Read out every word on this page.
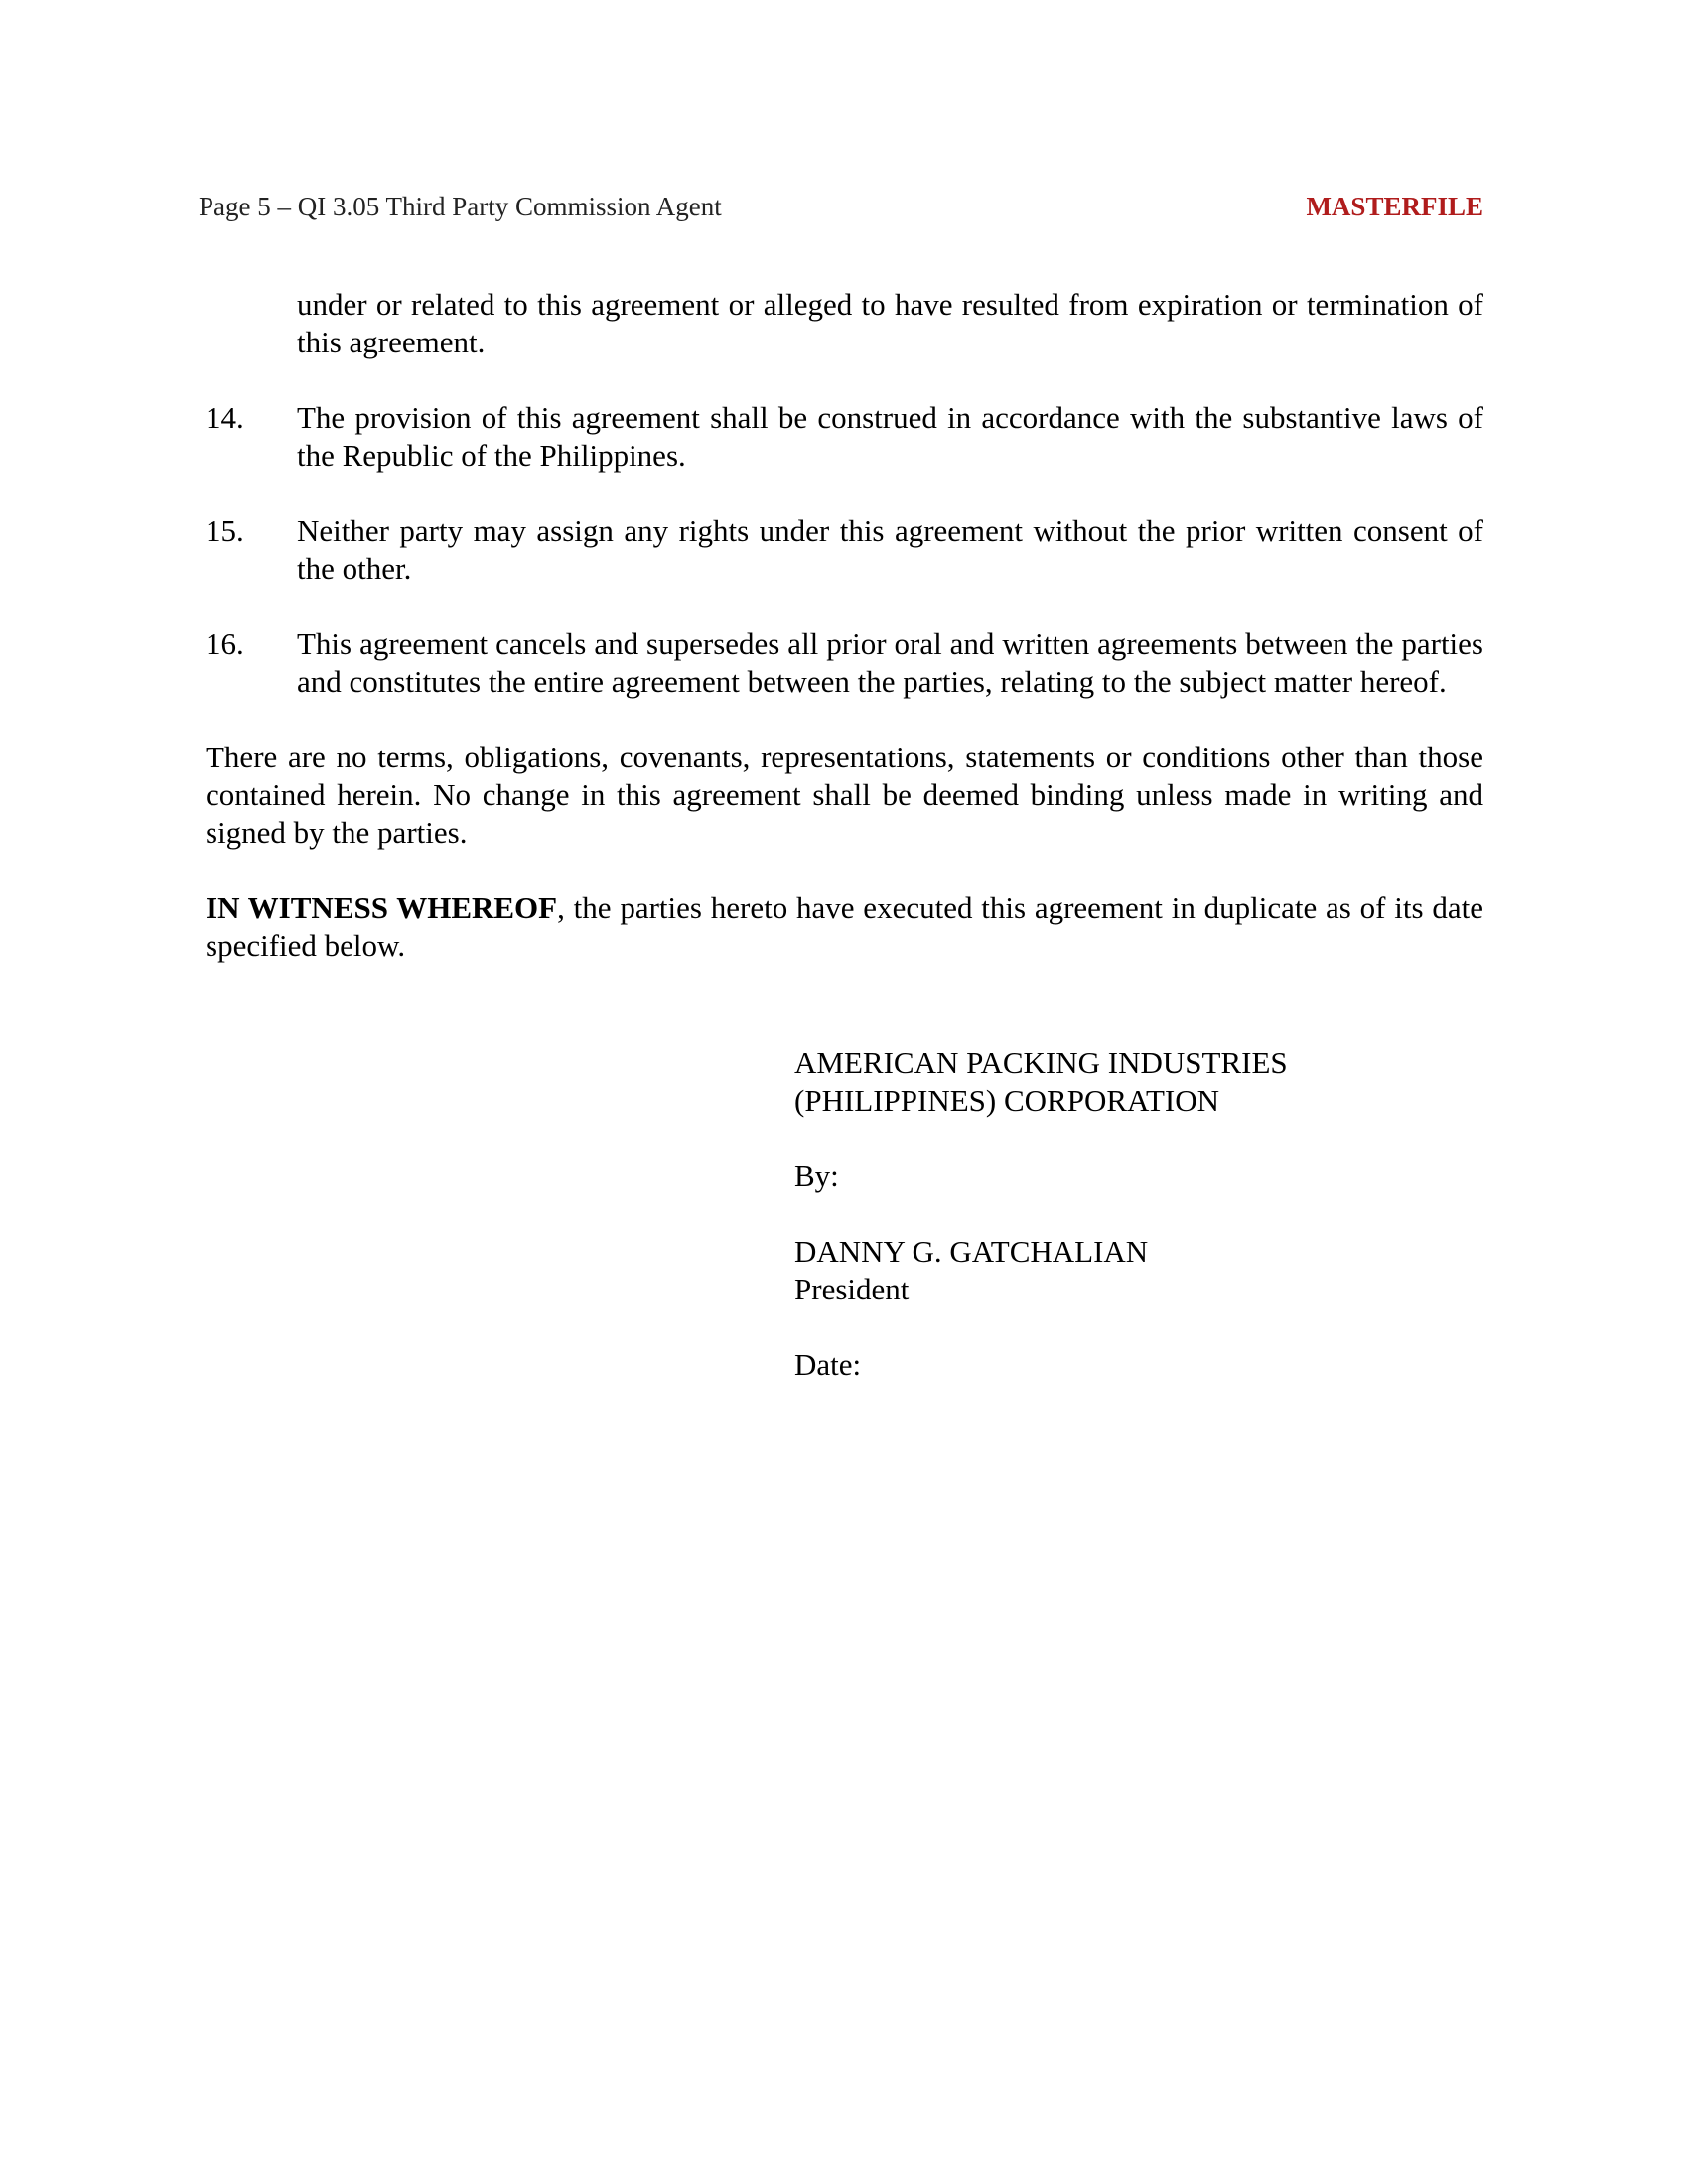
Page 5 – QI 3.05 Third Party Commission Agent	MASTERFILE
under or related to this agreement or alleged to have resulted from expiration or termination of this agreement.
14.	The provision of this agreement shall be construed in accordance with the substantive laws of the Republic of the Philippines.
15.	Neither party may assign any rights under this agreement without the prior written consent of the other.
16.	This agreement cancels and supersedes all prior oral and written agreements between the parties and constitutes the entire agreement between the parties, relating to the subject matter hereof.
There are no terms, obligations, covenants, representations, statements or conditions other than those contained herein. No change in this agreement shall be deemed binding unless made in writing and signed by the parties.
IN WITNESS WHEREOF, the parties hereto have executed this agreement in duplicate as of its date specified below.
AMERICAN PACKING INDUSTRIES
(PHILIPPINES) CORPORATION
By:
DANNY G. GATCHALIAN
President
Date:
